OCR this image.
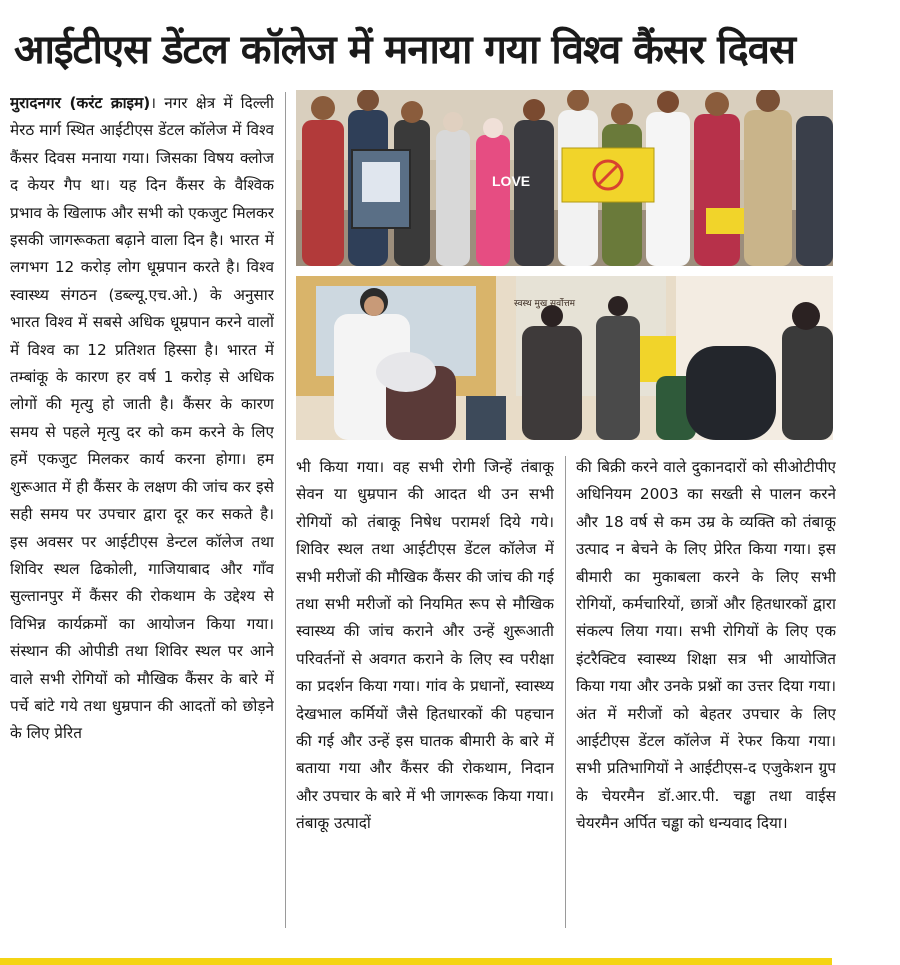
आईटीएस डेंटल कॉलेज में मनाया गया विश्व कैंसर दिवस
मुरादनगर (करंट क्राइम)। नगर क्षेत्र में दिल्ली मेरठ मार्ग स्थित आईटीएस डेंटल कॉलेज में विश्व कैंसर दिवस मनाया गया। जिसका विषय क्लोज द केयर गैप था। यह दिन कैंसर के वैश्विक प्रभाव के खिलाफ और सभी को एकजुट मिलकर इसकी जागरूकता बढ़ाने वाला दिन है। भारत में लगभग 12 करोड़ लोग धूम्रपान करते है। विश्व स्वास्थ्य संगठन (डब्ल्यू.एच.ओ.) के अनुसार भारत विश्व में सबसे अधिक धूम्रपान करने वालों में विश्व का 12 प्रतिशत हिस्सा है। भारत में तम्बांकू के कारण हर वर्ष 1 करोड़ से अधिक लोगों की मृत्यु हो जाती है। कैंसर के कारण समय से पहले मृत्यु दर को कम करने के लिए हमें एकजुट मिलकर कार्य करना होगा। हम शुरूआत में ही कैंसर के लक्षण की जांच कर इसे सही समय पर उपचार द्वारा दूर कर सकते है। इस अवसर पर आईटीएस डेन्टल कॉलेज तथा शिविर स्थल ढिकोली, गाजियाबाद और गाँव सुल्तानपुर में कैंसर की रोकथाम के उद्देश्य से विभिन्न कार्यक्रमों का आयोजन किया गया। संस्थान की ओपीडी तथा शिविर स्थल पर आने वाले सभी रोगियों को मौखिक कैंसर के बारे में पर्चे बांटे गये तथा धुम्रपान की आदतों को छोड़ने के लिए प्रेरित
LOVE
स्वस्थ मुख सर्वोत्तम
भी किया गया। वह सभी रोगी जिन्हें तंबाकू सेवन या धुम्रपान की आदत थी उन सभी रोगियों को तंबाकू निषेध परामर्श दिये गये। शिविर स्थल तथा आईटीएस डेंटल कॉलेज में सभी मरीजों की मौखिक कैंसर की जांच की गई तथा सभी मरीजों को नियमित रूप से मौखिक स्वास्थ्य की जांच कराने और उन्हें शुरूआती परिवर्तनों से अवगत कराने के लिए स्व परीक्षा का प्रदर्शन किया गया। गांव के प्रधानों, स्वास्थ्य देखभाल कर्मियों जैसे हितधारकों की पहचान की गई और उन्हें इस घातक बीमारी के बारे में बताया गया और कैंसर की रोकथाम, निदान और उपचार के बारे में भी जागरूक किया गया। तंबाकू उत्पादों
की बिक्री करने वाले दुकानदारों को सीओटीपीए अधिनियम 2003 का सख्ती से पालन करने और 18 वर्ष से कम उम्र के व्यक्ति को तंबाकू उत्पाद न बेचने के लिए प्रेरित किया गया। इस बीमारी का मुकाबला करने के लिए सभी रोगियों, कर्मचारियों, छात्रों और हितधारकों द्वारा संकल्प लिया गया। सभी रोगियों के लिए एक इंटरैक्टिव स्वास्थ्य शिक्षा सत्र भी आयोजित किया गया और उनके प्रश्नों का उत्तर दिया गया। अंत में मरीजों को बेहतर उपचार के लिए आईटीएस डेंटल कॉलेज में रेफर किया गया। सभी प्रतिभागियों ने आईटीएस-द एजुकेशन ग्रुप के चेयरमैन डॉ.आर.पी. चड्ढा तथा वाईस चेयरमैन अर्पित चड्ढा को धन्यवाद दिया।
